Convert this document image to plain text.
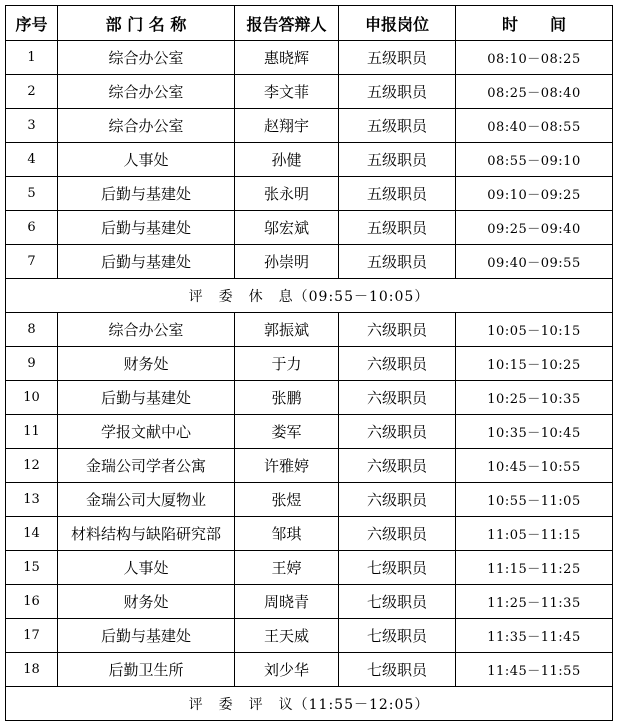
序号	部 门 名 称	报告答辩人	申报岗位	时　　间
1	综合办公室	惠晓辉	五级职员	08:10－08:25
2	综合办公室	李文菲	五级职员	08:25－08:40
3	综合办公室	赵翔宇	五级职员	08:40－08:55
4	人事处	孙健	五级职员	08:55－09:10
5	后勤与基建处	张永明	五级职员	09:10－09:25
6	后勤与基建处	邬宏斌	五级职员	09:25－09:40
7	后勤与基建处	孙崇明	五级职员	09:40－09:55
评　委　休　息（09:55－10:05）				
8	综合办公室	郭振斌	六级职员	10:05－10:15
9	财务处	于力	六级职员	10:15－10:25
10	后勤与基建处	张鹏	六级职员	10:25－10:35
11	学报文献中心	娄军	六级职员	10:35－10:45
12	金瑞公司学者公寓	许雅婷	六级职员	10:45－10:55
13	金瑞公司大厦物业	张煜	六级职员	10:55－11:05
14	材料结构与缺陷研究部	邹琪	六级职员	11:05－11:15
15	人事处	王婷	七级职员	11:15－11:25
16	财务处	周晓青	七级职员	11:25－11:35
17	后勤与基建处	王天威	七级职员	11:35－11:45
18	后勤卫生所	刘少华	七级职员	11:45－11:55
评　委　评　议（11:55－12:05）				
